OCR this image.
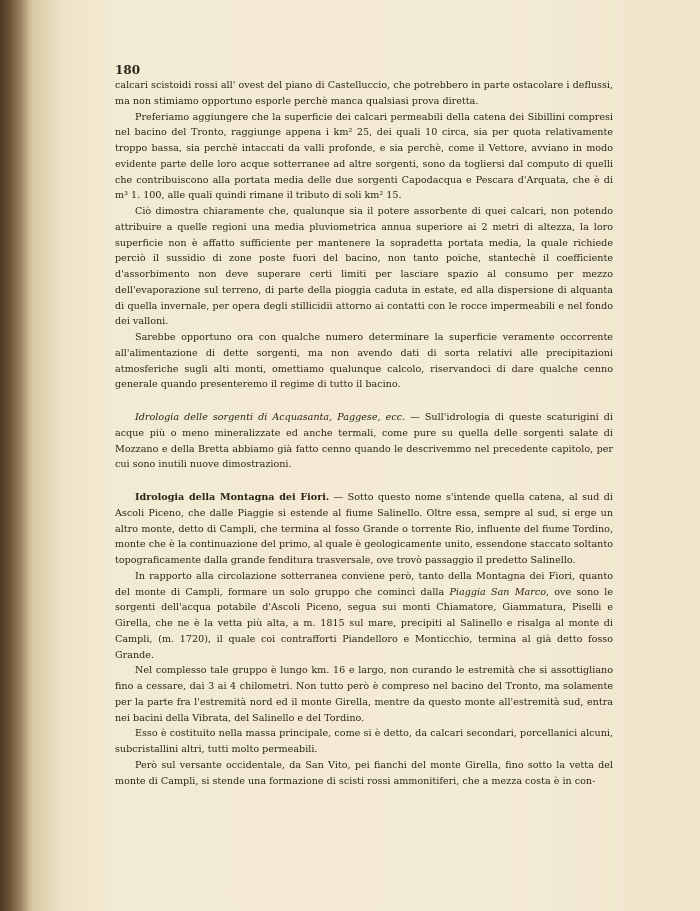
180

calcari scistoidi rossi all' ovest del piano di Castelluccio, che potrebbero in parte ostacolare i deflussi, ma non stimiamo opportuno esporle perchè manca qualsiasi prova diretta.

Preferiamo aggiungere che la superficie dei calcari permeabili della catena dei Sibillini compresi nel bacino del Tronto, raggiunge appena i km² 25, dei quali 10 circa, sia per quota relativamente troppo bassa, sia perchè intaccati da valli profonde, e sia perchè, come il Vettore, avviano in modo evidente parte delle loro acque sotterranee ad altre sorgenti, sono da togliersi dal computo di quelli che contribuiscono alla portata media delle due sorgenti Capodacqua e Pescara d'Arquata, che è di m³ 1. 100, alle quali quindi rimane il tributo di soli km² 15.

Ciò dimostra chiaramente che, qualunque sia il potere assorbente di quei calcari, non potendo attribuire a quelle regioni una media pluviometrica annua superiore ai 2 metri di altezza, la loro superficie non è affatto sufficiente per mantenere la sopradetta portata media, la quale richiede perciò il sussidio di zone poste fuori del bacino, non tanto poiche, stantechè il coefficiente d'assorbimento non deve superare certi limiti per lasciare spazio al consumo per mezzo dell'evaporazione sul terreno, di parte della pioggia caduta in estate, ed alla dispersione di alquanta di quella invernale, per opera degli stillicidii attorno ai contatti con le rocce impermeabili e nel fondo dei valloni.

Sarebbe opportuno ora con qualche numero determinare la superficie veramente occorrente all'alimentazione di dette sorgenti, ma non avendo dati di sorta relativi alle precipitazioni atmosferiche sugli alti monti, omettiamo qualunque calcolo, riservandoci di dare qualche cenno generale quando presenteremo il regime di tutto il bacino.

Idrologia delle sorgenti di Acquasanta, Paggese, ecc. — Sull'idrologia di queste scaturigini di acque più o meno mineralizzate ed anche termali, come pure su quella delle sorgenti salate di Mozzano e della Bretta abbiamo già fatto cenno quando le descrivemmo nel precedente capitolo, per cui sono inutili nuove dimostrazioni.

Idrologia della Montagna dei Fiori. — Sotto questo nome s'intende quella catena, al sud di Ascoli Piceno, che dalle Piaggie si estende al fiume Salinello. Oltre essa, sempre al sud, si erge un altro monte, detto di Campli, che termina al fosso Grande o torrente Rio, influente del fiume Tordino, monte che è la continuazione del primo, al quale è geologicamente unito, essendone staccato soltanto topograficamente dalla grande fenditura trasversale, ove trovò passaggio il predetto Salinello.

In rapporto alla circolazione sotterranea conviene però, tanto della Montagna dei Fiori, quanto del monte di Campli, formare un solo gruppo che comincì dalla Piaggia San Marco, ove sono le sorgenti dell'acqua potabile d'Ascoli Piceno, segua sui monti Chiamatore, Giammatura, Piselli e Girella, che ne è la vetta più alta, a m. 1815 sul mare, precipiti al Salinello e risalga al monte di Campli, (m. 1720), il quale coi contrafforti Piandelloro e Monticchio, termina al già detto fosso Grande.

Nel complesso tale gruppo è lungo km. 16 e largo, non curando le estremità che si assottigliano fino a cessare, dai 3 ai 4 chilometri. Non tutto però è compreso nel bacino del Tronto, ma solamente per la parte fra l'estremità nord ed il monte Girella, mentre da questo monte all'estremità sud, entra nei bacini della Vibrata, del Salinello e del Tordino.

Esso è costituito nella massa principale, come si è detto, da calcari secondari, porcellanici alcuni, subcristallini altri, tutti molto permeabili.

Però sul versante occidentale, da San Vito, pei fianchi del monte Girella, fino sotto la vetta del monte di Campli, si stende una formazione di scisti rossi ammonitiferi, che a mezza costa è in con-
